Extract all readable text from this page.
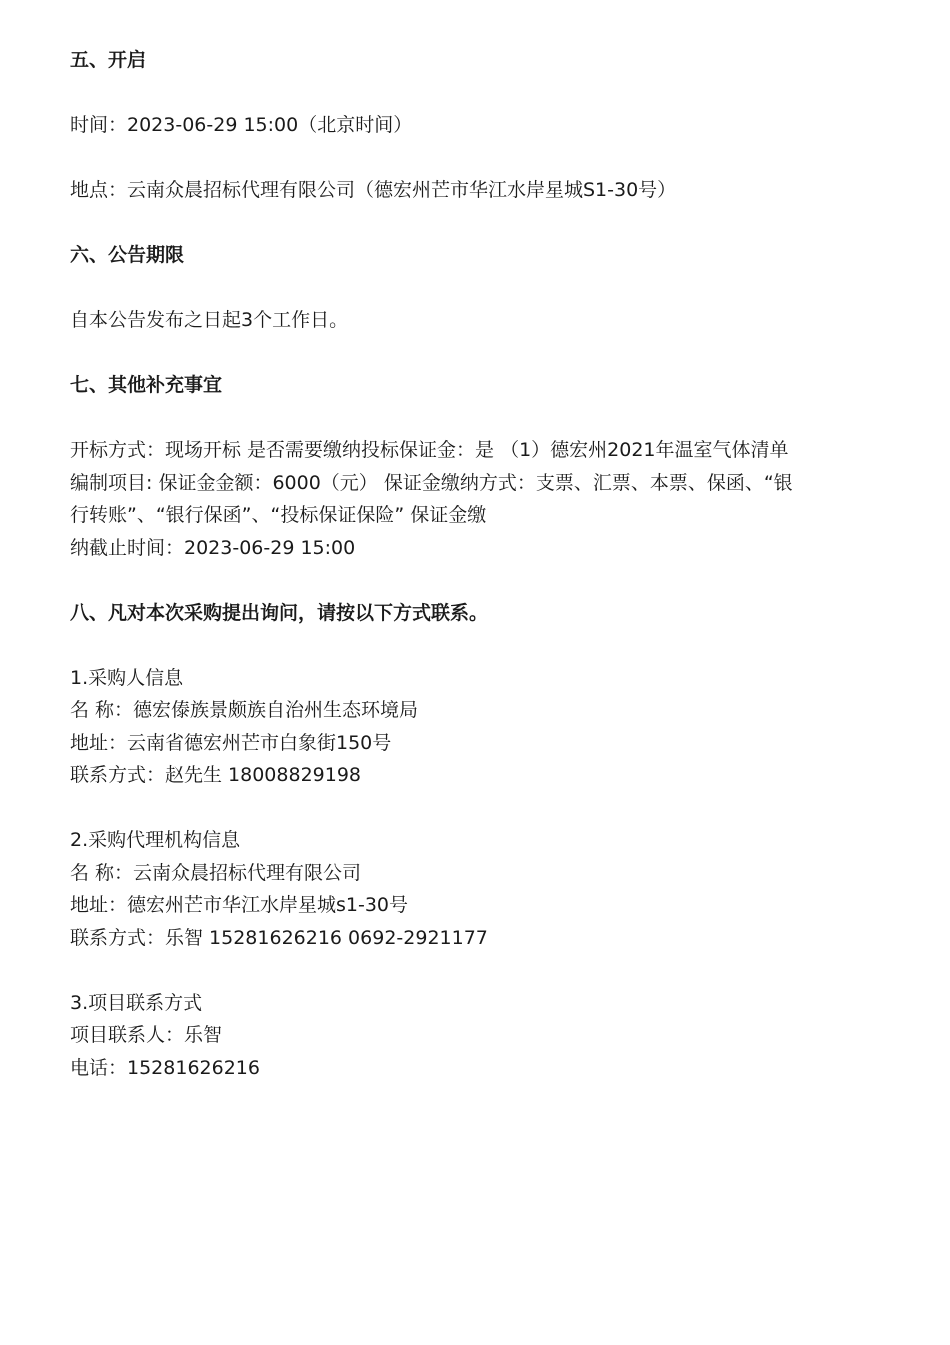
五、开启
时间：2023-06-29 15:00（北京时间）
地点：云南众晨招标代理有限公司（德宏州芒市华江水岸星城S1-30号）
六、公告期限
自本公告发布之日起3个工作日。
七、其他补充事宜
开标方式：现场开标 是否需要缴纳投标保证金：是 （1）德宏州2021年温室气体清单
编制项目: 保证金金额：6000（元） 保证金缴纳方式：支票、汇票、本票、保函、“银
行转账”、“银行保函”、“投标保证保险” 保证金缴
纳截止时间：2023-06-29 15:00
八、凡对本次采购提出询问，请按以下方式联系。
1.采购人信息
名 称：德宏傣族景颇族自治州生态环境局
地址：云南省德宏州芒市白象街150号
联系方式：赵先生 18008829198
2.采购代理机构信息
名 称：云南众晨招标代理有限公司
地址：德宏州芒市华江水岸星城s1-30号
联系方式：乐智 15281626216 0692-2921177
3.项目联系方式
项目联系人：乐智
电话：15281626216
